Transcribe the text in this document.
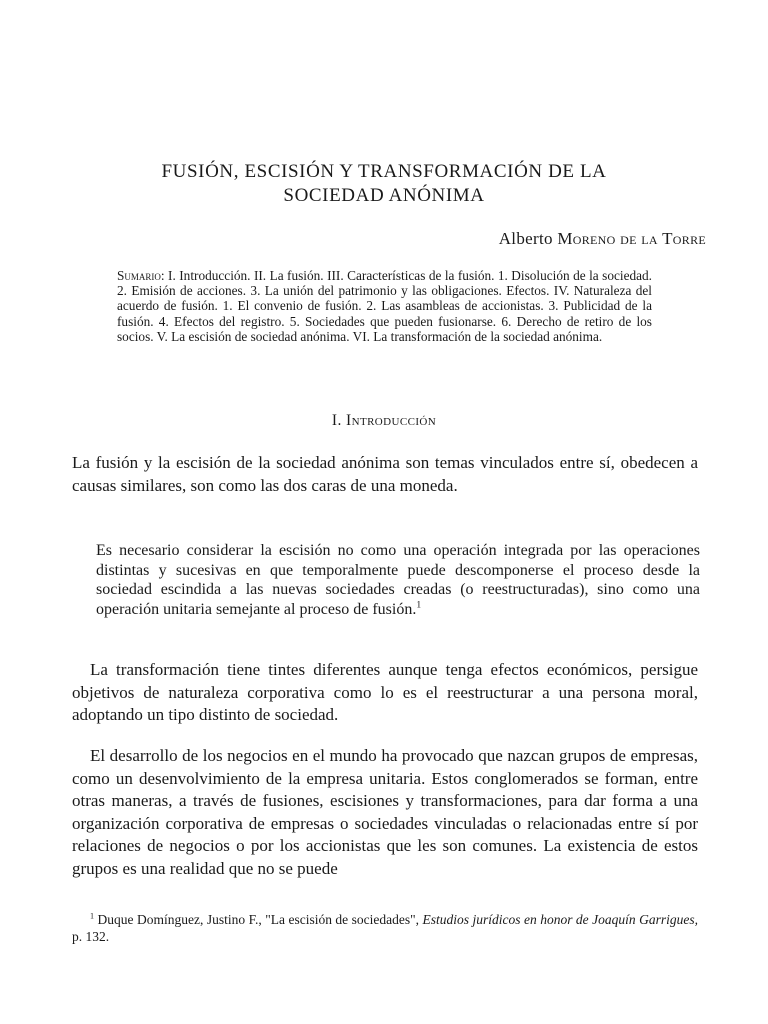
FUSIÓN, ESCISIÓN Y TRANSFORMACIÓN DE LA
SOCIEDAD ANÓNIMA
Alberto Moreno de la Torre
Sumario: I. Introducción. II. La fusión. III. Características de la fusión. 1. Disolución de la sociedad. 2. Emisión de acciones. 3. La unión del patrimonio y las obligaciones. Efectos. IV. Naturaleza del acuerdo de fusión. 1. El convenio de fusión. 2. Las asambleas de accionistas. 3. Publicidad de la fusión. 4. Efectos del registro. 5. Sociedades que pueden fusionarse. 6. Derecho de retiro de los socios. V. La escisión de sociedad anónima. VI. La transformación de la sociedad anónima.
I. Introducción

La fusión y la escisión de la sociedad anónima son temas vinculados entre sí, obedecen a causas similares, son como las dos caras de una moneda.

Es necesario considerar la escisión no como una operación integrada por las operaciones distintas y sucesivas en que temporalmente puede descomponerse el proceso desde la sociedad escindida a las nuevas sociedades creadas (o reestructuradas), sino como una operación unitaria semejante al proceso de fusión.$^1$

La transformación tiene tintes diferentes aunque tenga efectos económicos, persigue objetivos de naturaleza corporativa como lo es el reestructurar a una persona moral, adoptando un tipo distinto de sociedad.

El desarrollo de los negocios en el mundo ha provocado que nazcan grupos de empresas, como un desenvolvimiento de la empresa unitaria. Estos conglomerados se forman, entre otras maneras, a través de fusiones, escisiones y transformaciones, para dar forma a una organización corporativa de empresas o sociedades vinculadas o relacionadas entre sí por relaciones de negocios o por los accionistas que les son comunes. La existencia de estos grupos es una realidad que no se puede

$^1$ Duque Domínguez, Justino F., "La escisión de sociedades", Estudios jurídicos en honor de Joaquín Garrigues, p. 132.
